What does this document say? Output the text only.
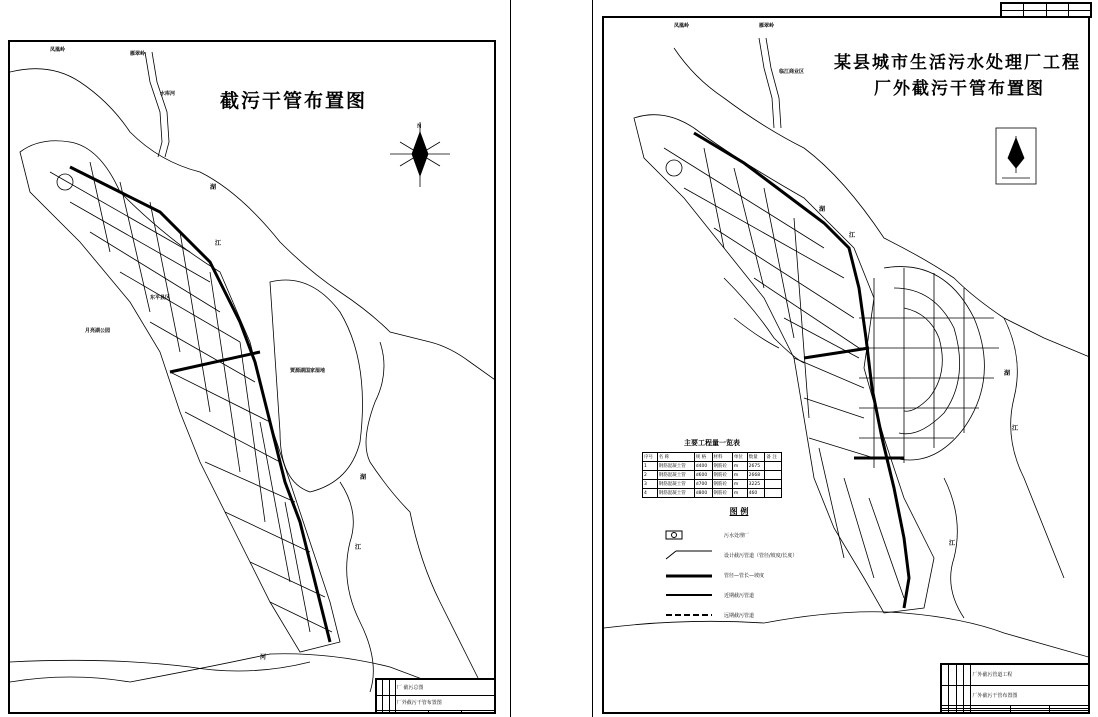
N
截污干管布置图
湖
江
江
湖
河
月亮湖公园
贾源湖国家湿地
雁翠岭
凤凰岭
水库河
东平县区
			厂 截污总图		
			厂外截污干管布置图		

某县城市生活污水处理厂工程
厂外截污干管布置图
凤凰岭	雁翠岭
临江商业区
湖
江
湖
江
江
主要工程量一览表
序号	名 称	规 格	材料	单位	数量	备 注
1	钢筋混凝土管	d400	钢筋砼	m	2675	
2	钢筋混凝土管	d600	钢筋砼	m	2668	
3	钢筋混凝土管	d700	钢筋砼	m	3225	
4	钢筋混凝土管	d800	钢筋砼	m	460	
图 例
污水处理厂
设计截污管道（管径/坡度/长度）
管径—管长—坡度
近期截污管道
远期截污管道
				厂外截污管道工程		
				厂外截污干管布置图		
